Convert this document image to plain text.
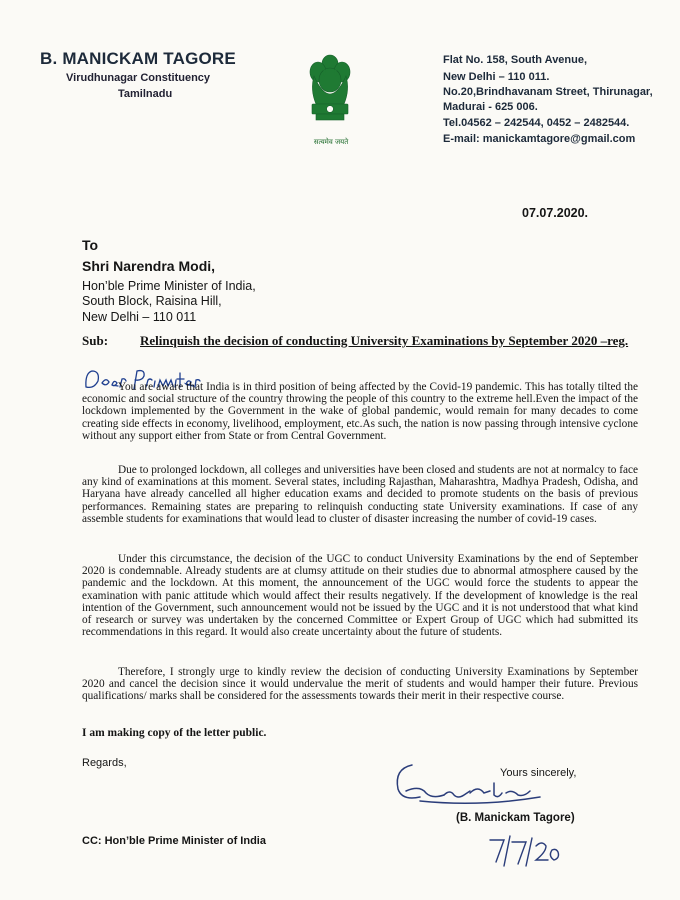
B. MANICKAM TAGORE
Virudhunagar Constituency
Tamilnadu
सत्यमेव जयते
Flat No. 158, South Avenue,
New Delhi – 110 011.
No.20,Brindhavanam Street, Thirunagar,
Madurai - 625 006.
Tel.04562 – 242544, 0452 – 2482544.
E-mail: manickamtagore@gmail.com
07.07.2020.
To
Shri Narendra Modi,
Hon’ble Prime Minister of India,
South Block, Raisina Hill,
New Delhi – 110 011
Sub: Relinquish the decision of conducting University Examinations by September 2020 –reg.
Dear Prime Minister,
You are aware that India is in third position of being affected by the Covid-19 pandemic. This has totally tilted the economic and social structure of the country throwing the people of this country to the extreme hell.Even the impact of the lockdown implemented by the Government in the wake of global pandemic, would remain for many decades to come creating side effects in economy, livelihood, employment, etc.As such, the nation is now passing through intensive cyclone without any support either from State or from Central Government.
Due to prolonged lockdown, all colleges and universities have been closed and students are not at normalcy to face any kind of examinations at this moment. Several states, including Rajasthan, Maharashtra, Madhya Pradesh, Odisha, and Haryana have already cancelled all higher education exams and decided to promote students on the basis of previous performances. Remaining states are preparing to relinquish conducting state University examinations. If case of any assemble students for examinations that would lead to cluster of disaster increasing the number of covid-19 cases.
Under this circumstance, the decision of the UGC to conduct University Examinations by the end of September 2020 is condemnable. Already students are at clumsy attitude on their studies due to abnormal atmosphere caused by the pandemic and the lockdown. At this moment, the announcement of the UGC would force the students to appear the examination with panic attitude which would affect their results negatively. If the development of knowledge is the real intention of the Government, such announcement would not be issued by the UGC and it is not understood that what kind of research or survey was undertaken by the concerned Committee or Expert Group of UGC which had submitted its recommendations in this regard. It would also create uncertainty about the future of students.
Therefore, I strongly urge to kindly review the decision of conducting University Examinations by September 2020 and cancel the decision since it would undervalue the merit of students and would hamper their future. Previous qualifications/ marks shall be considered for the assessments towards their merit in their respective course.
I am making copy of the letter public.
Regards,
Yours sincerely,
(B. Manickam Tagore)
7/7/20
CC: Hon’ble Prime Minister of India
